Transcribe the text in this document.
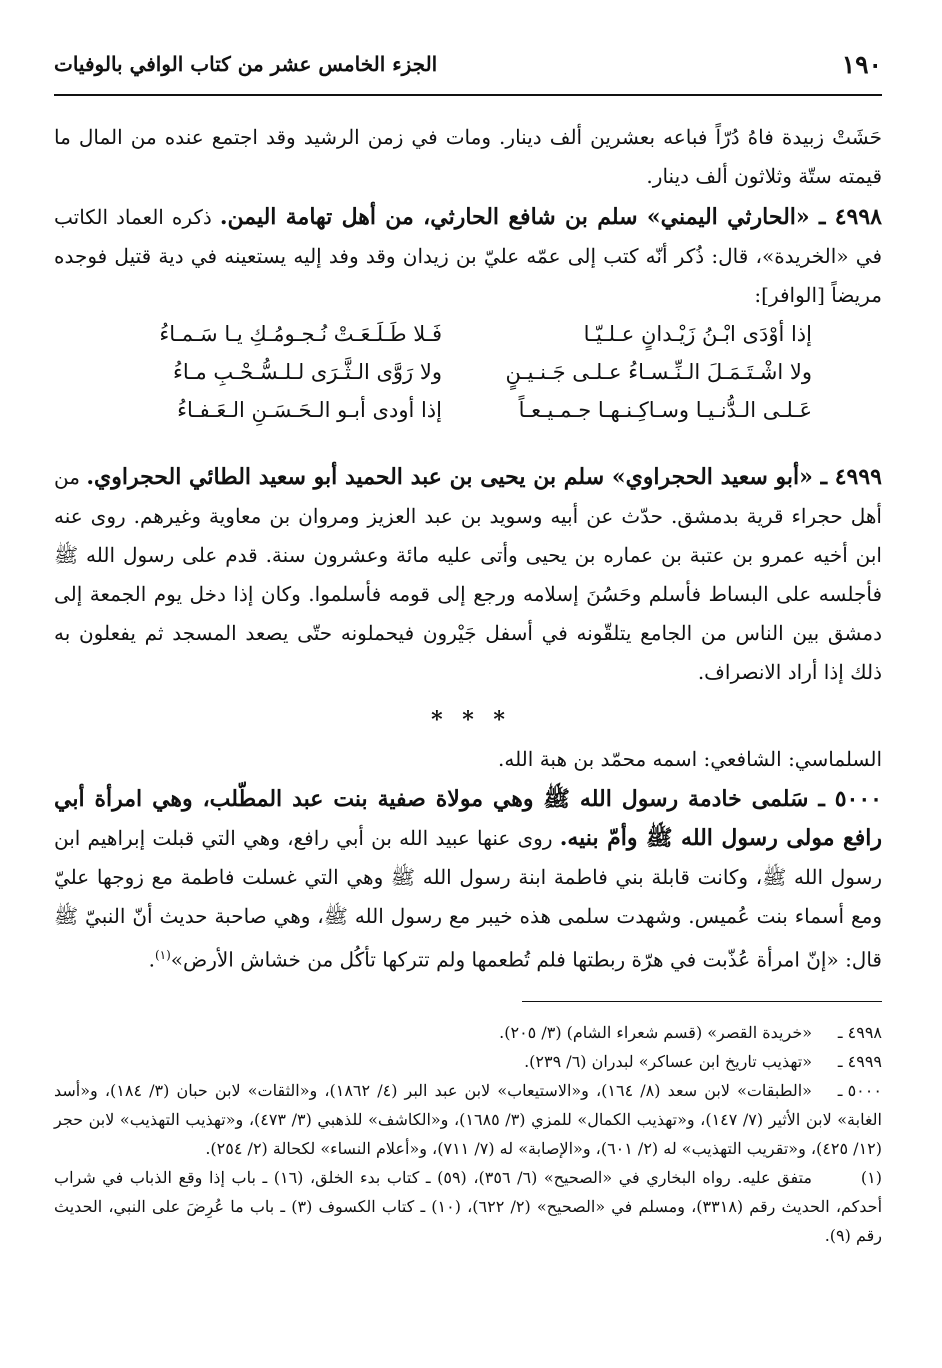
١٩٠
الجزء الخامس عشر من كتاب الوافي بالوفيات
حَشَتْ زبيدة فاهُ دُرّاً فباعه بعشرين ألف دينار. ومات في زمن الرشيد وقد اجتمع عنده من المال ما قيمته ستّة وثلاثون ألف دينار.
٤٩٩٨ ـ «الحارثي اليمني» سلم بن شافع الحارثي، من أهل تهامة اليمن. ذكره العماد الكاتب في «الخريدة»، قال: ذُكر أنّه كتب إلى عمّه عليّ بن زيدان وقد وفد إليه يستعينه في دية قتيل فوجده مريضاً [الوافر]:
إذا أوْدَى ابْـنُ زَيْـدانٍ عـلـيّـا
فَـلا طَـلَـعَـتْ نُـجـومُـكِ يـا سَـمـاءُ
ولا اشْـتَـمَـلَ الـنِّـسـاءُ عـلـى جَـنـيـنٍ
ولا رَوَّى الـثَّـرَى لـلـسُّـحْـبِ مـاءُ
عَـلـى الـدُّنـيـا وسـاكِـنـهـا جـمـيـعـاً
إذا أودى أبـو الـحَـسَـنِ الـعَـفـاءُ
٤٩٩٩ ـ «أبو سعيد الحجراوي» سلم بن يحيى بن عبد الحميد أبو سعيد الطائي الحجراوي. من أهل حجراء قرية بدمشق. حدّث عن أبيه وسويد بن عبد العزيز ومروان بن معاوية وغيرهم. روى عنه ابن أخيه عمرو بن عتبة بن عماره بن يحيى وأتى عليه مائة وعشرون سنة. قدم على رسول الله ﷺ فأجلسه على البساط فأسلم وحَسُنَ إسلامه ورجع إلى قومه فأسلموا. وكان إذا دخل يوم الجمعة إلى دمشق بين الناس من الجامع يتلقّونه في أسفل جَيْرون فيحملونه حتّى يصعد المسجد ثم يفعلون به ذلك إذا أراد الانصراف.
* * *
السلماسي: الشافعي: اسمه محمّد بن هبة الله.
٥٠٠٠ ـ سَلمى خادمة رسول الله ﷺ وهي مولاة صفية بنت عبد المطّلب، وهي امرأة أبي رافع مولى رسول الله ﷺ وأمّ بنيه. روى عنها عبيد الله بن أبي رافع، وهي التي قبلت إبراهيم ابن رسول الله ﷺ، وكانت قابلة بني فاطمة ابنة رسول الله ﷺ وهي التي غسلت فاطمة مع زوجها عليّ ومع أسماء بنت عُميس. وشهدت سلمى هذه خيبر مع رسول الله ﷺ، وهي صاحبة حديث أنّ النبيّ ﷺ قال: «إنّ امرأة عُذّبت في هرّة ربطتها فلم تُطعمها ولم تتركها تأكُل من خشاش الأرض»$^{(١)}$.
٤٩٩٨ ـ«خريدة القصر» (قسم شعراء الشام) (٣/ ٢٠٥).
٤٩٩٩ ـ«تهذيب تاريخ ابن عساكر» لبدران (٦/ ٢٣٩).
٥٠٠٠ ـ«الطبقات» لابن سعد (٨/ ١٦٤)، و«الاستيعاب» لابن عبد البر (٤/ ١٨٦٢)، و«الثقات» لابن حبان (٣/ ١٨٤)، و«أسد الغابة» لابن الأثير (٧/ ١٤٧)، و«تهذيب الكمال» للمزي (٣/ ١٦٨٥)، و«الكاشف» للذهبي (٣/ ٤٧٣)، و«تهذيب التهذيب» لابن حجر (١٢/ ٤٢٥)، و«تقريب التهذيب» له (٢/ ٦٠١)، و«الإصابة» له (٧/ ٧١١)، و«أعلام النساء» لكحالة (٢/ ٢٥٤).
(١)متفق عليه. رواه البخاري في «الصحيح» (٦/ ٣٥٦)، (٥٩) ـ كتاب بدء الخلق، (١٦) ـ باب إذا وقع الذباب في شراب أحدكم، الحديث رقم (٣٣١٨)، ومسلم في «الصحيح» (٢/ ٦٢٢)، (١٠) ـ كتاب الكسوف (٣) ـ باب ما عُرِضَ على النبي، الحديث رقم (٩).
